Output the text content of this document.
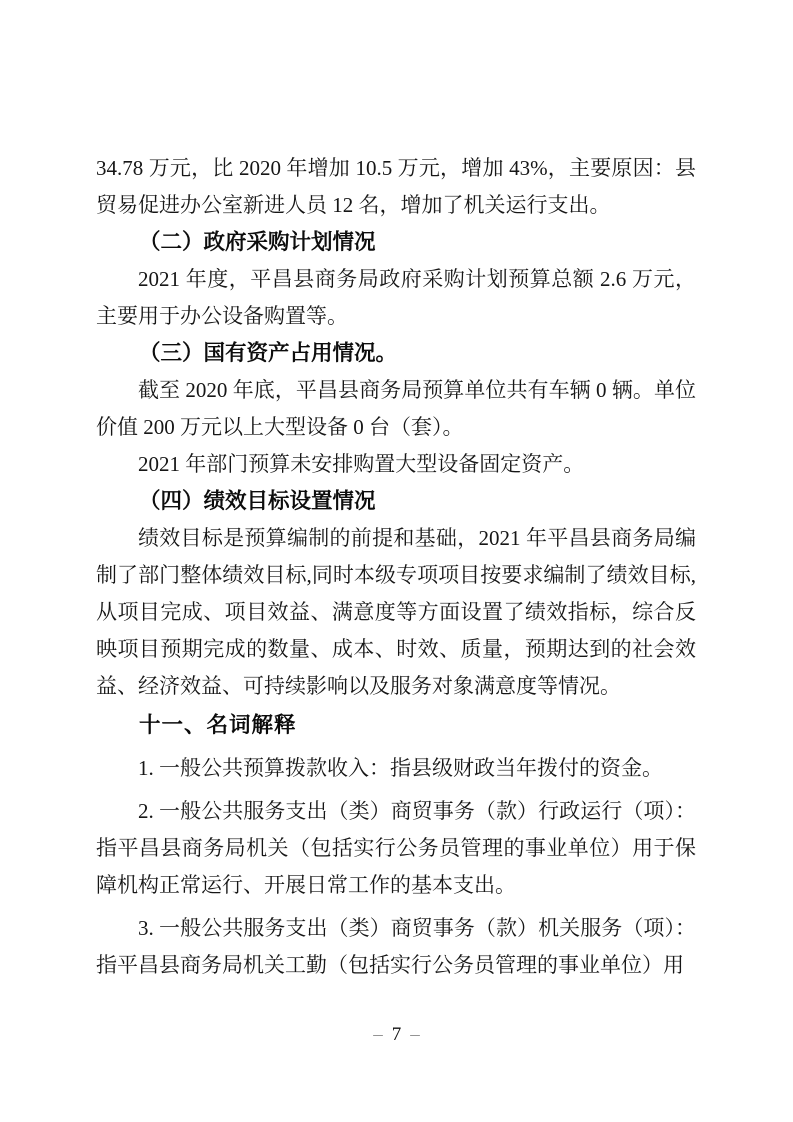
34.78 万元，比 2020 年增加 10.5 万元，增加 43%，主要原因：县贸易促进办公室新进人员 12 名，增加了机关运行支出。

（二）政府采购计划情况

2021 年度，平昌县商务局政府采购计划预算总额 2.6 万元，主要用于办公设备购置等。

（三）国有资产占用情况。

截至 2020 年底，平昌县商务局预算单位共有车辆 0 辆。单位价值 200 万元以上大型设备 0 台（套）。

2021 年部门预算未安排购置大型设备固定资产。

（四）绩效目标设置情况

绩效目标是预算编制的前提和基础，2021 年平昌县商务局编制了部门整体绩效目标,同时本级专项项目按要求编制了绩效目标,从项目完成、项目效益、满意度等方面设置了绩效指标，综合反映项目预期完成的数量、成本、时效、质量，预期达到的社会效益、经济效益、可持续影响以及服务对象满意度等情况。

十一、名词解释

1. 一般公共预算拨款收入：指县级财政当年拨付的资金。

2. 一般公共服务支出（类）商贸事务（款）行政运行（项）：指平昌县商务局机关（包括实行公务员管理的事业单位）用于保障机构正常运行、开展日常工作的基本支出。

3. 一般公共服务支出（类）商贸事务（款）机关服务（项）：指平昌县商务局机关工勤（包括实行公务员管理的事业单位）用

– 7 –
